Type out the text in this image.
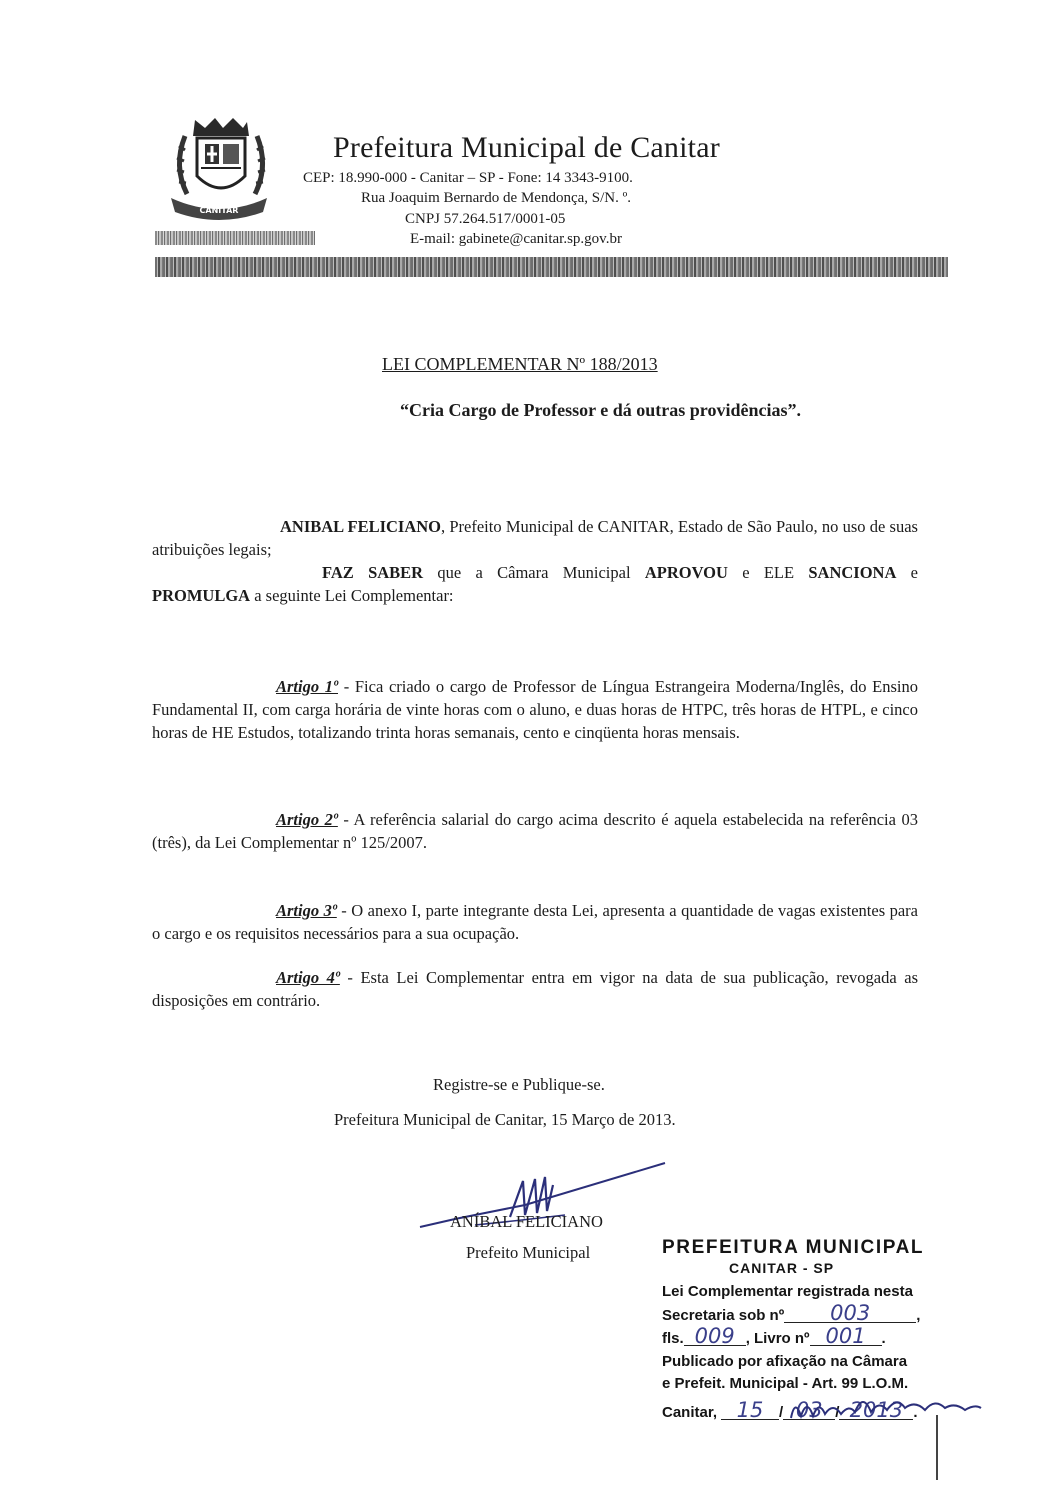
CANITAR
Prefeitura Municipal de Canitar
CEP: 18.990-000 - Canitar – SP - Fone: 14 3343-9100.
Rua Joaquim Bernardo de Mendonça, S/N. º.
CNPJ 57.264.517/0001-05
E-mail: gabinete@canitar.sp.gov.br
LEI COMPLEMENTAR Nº 188/2013
“Cria Cargo de Professor e dá outras providências”.
ANIBAL FELICIANO, Prefeito Municipal de CANITAR, Estado de São Paulo, no uso de suas atribuições legais;
FAZ SABER que a Câmara Municipal APROVOU e ELE SANCIONA e PROMULGA a seguinte Lei Complementar:
Artigo 1º - Fica criado o cargo de Professor de Língua Estrangeira Moderna/Inglês, do Ensino Fundamental II, com carga horária de vinte horas com o aluno, e duas horas de HTPC, três horas de HTPL, e cinco horas de HE Estudos, totalizando trinta horas semanais, cento e cinqüenta horas mensais.
Artigo 2º - A referência salarial do cargo acima descrito é aquela estabelecida na referência 03 (três), da Lei Complementar nº 125/2007.
Artigo 3º - O anexo I, parte integrante desta Lei, apresenta a quantidade de vagas existentes para o cargo e os requisitos necessários para a sua ocupação.
Artigo 4º - Esta Lei Complementar entra em vigor na data de sua publicação, revogada as disposições em contrário.
Registre-se e Publique-se.
Prefeitura Municipal de Canitar, 15 Março de 2013.
ANÍBAL FELICIANO
Prefeito Municipal	PREFEITURA MUNICIPAL
CANITAR - SP
Lei Complementar registrada nesta
Secretaria sob nº 003	,
fls. 009 , Livro nº 001 .
Publicado por afixação na Câmara
e Prefeit. Municipal - Art. 99 L.O.M.
Canitar, 15 / 03 / 2013 .
